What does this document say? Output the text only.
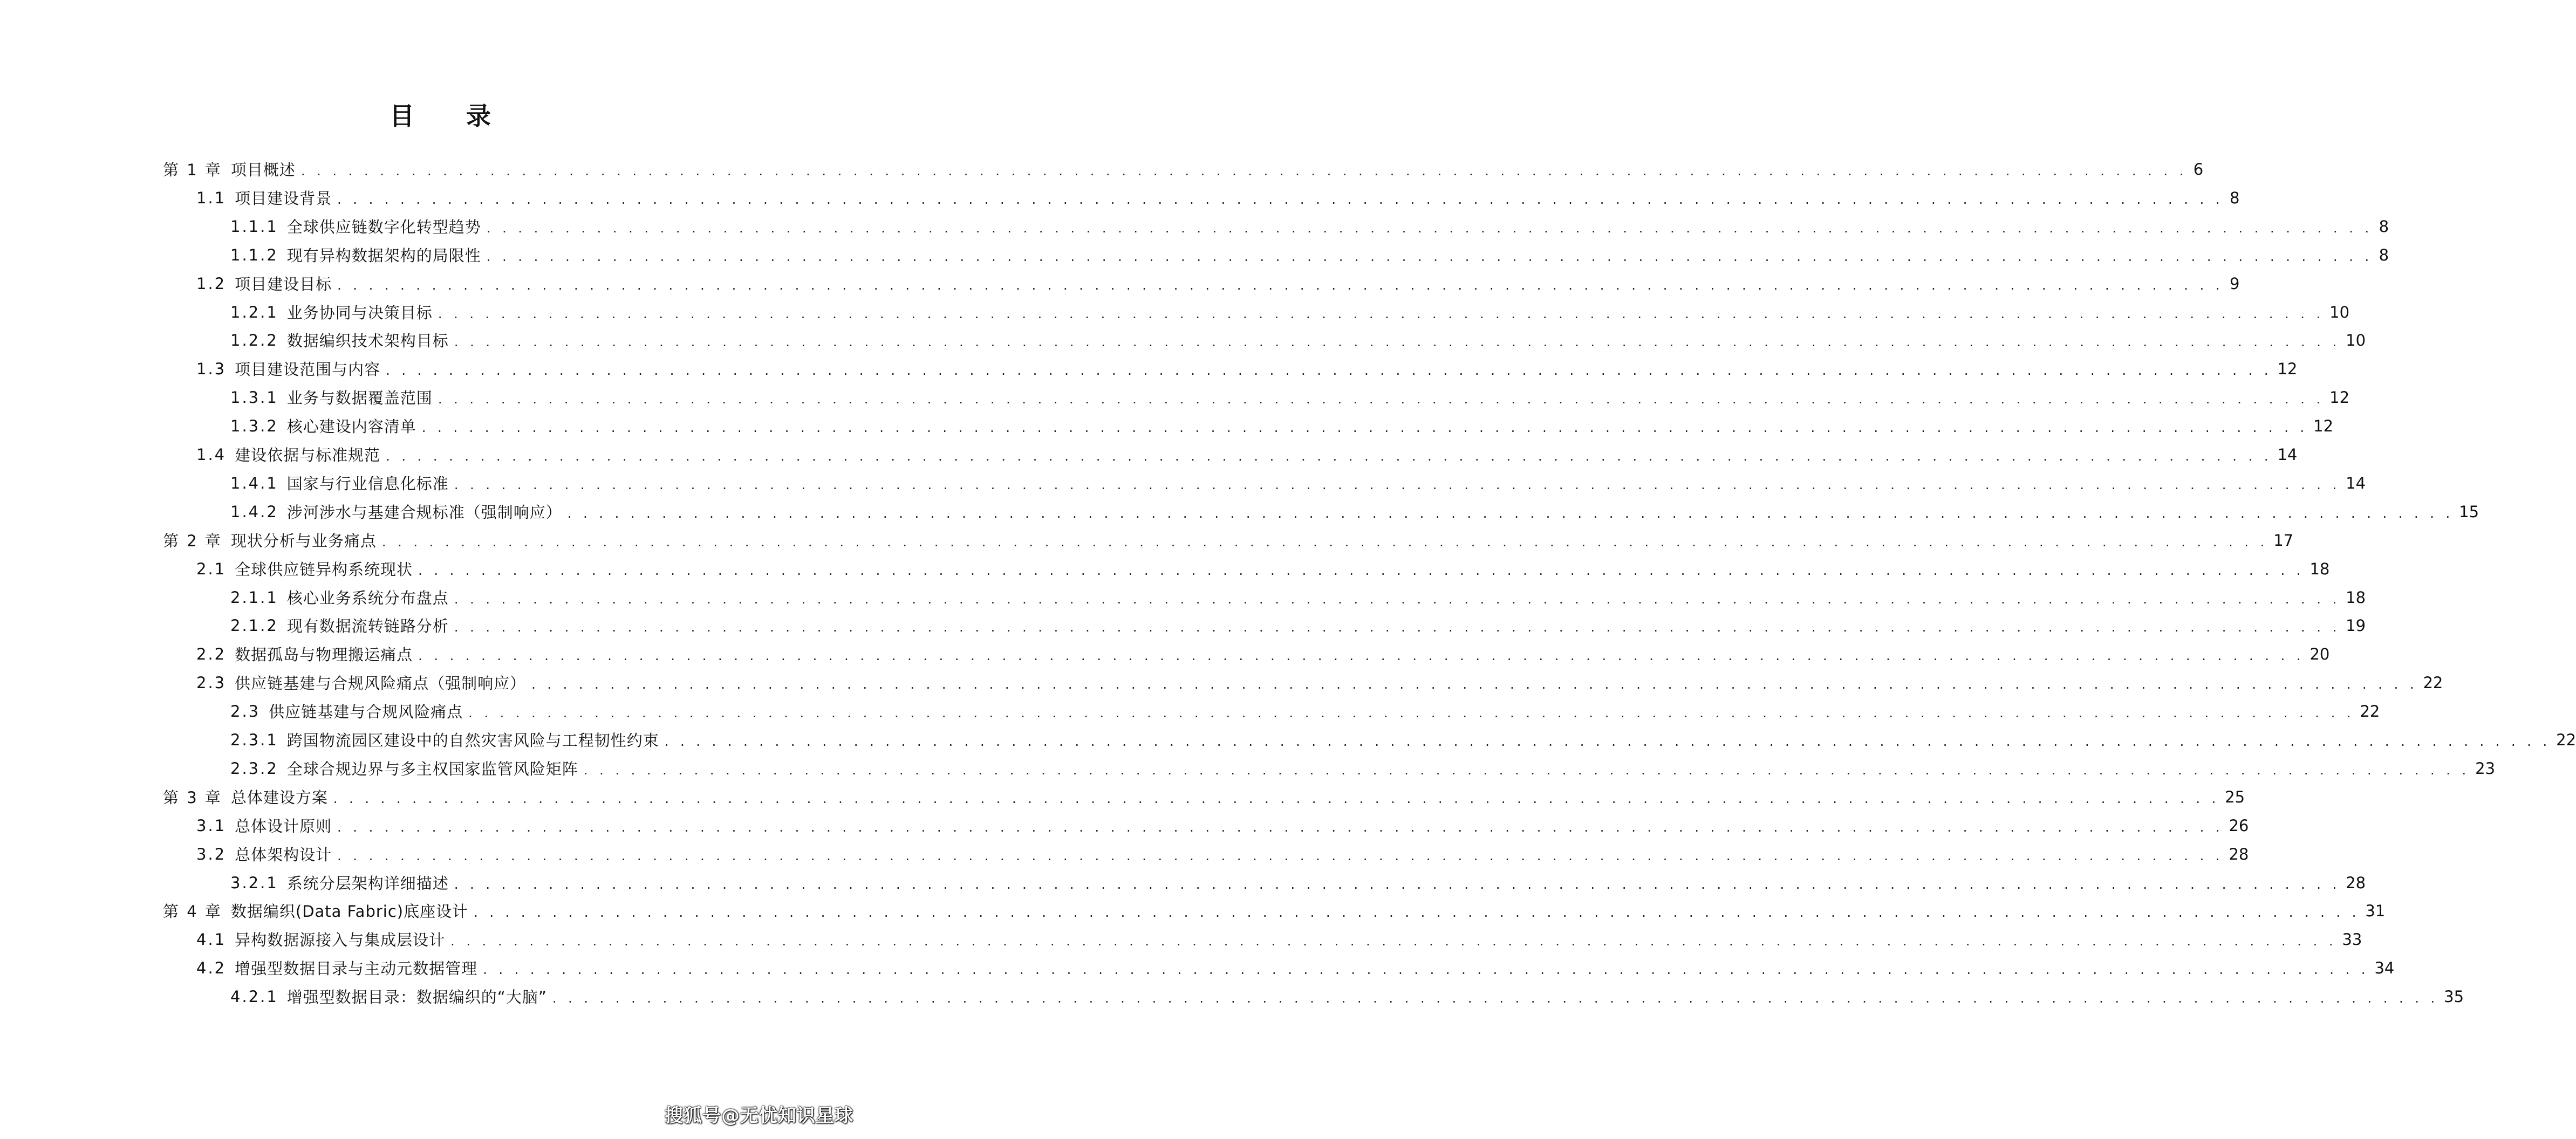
目 录
第 1 章 项目概述 . . . . . . . . . . . . . . . . . . . . . . . . . . . . . . . . . . . . . . . . . . . . . . . . . . . . . . . . . . . . . . . . . . . . . . . . . . . . . . . . . . . . . . . . . . . . . . . . . . . . . . . . . . . . . . . . . . . . . . . . 6
1.1 项目建设背景 . . . . . . . . . . . . . . . . . . . . . . . . . . . . . . . . . . . . . . . . . . . . . . . . . . . . . . . . . . . . . . . . . . . . . . . . . . . . . . . . . . . . . . . . . . . . . . . . . . . . . . . . . . . . . . . . . . . . . . . . 8
1.1.1 全球供应链数字化转型趋势 . . . . . . . . . . . . . . . . . . . . . . . . . . . . . . . . . . . . . . . . . . . . . . . . . . . . . . . . . . . . . . . . . . . . . . . . . . . . . . . . . . . . . . . . . . . . . . . . . . . . . . . . . . . . . . . . . . . . . . . . 8
1.1.2 现有异构数据架构的局限性 . . . . . . . . . . . . . . . . . . . . . . . . . . . . . . . . . . . . . . . . . . . . . . . . . . . . . . . . . . . . . . . . . . . . . . . . . . . . . . . . . . . . . . . . . . . . . . . . . . . . . . . . . . . . . . . . . . . . . . . . 8
1.2 项目建设目标 . . . . . . . . . . . . . . . . . . . . . . . . . . . . . . . . . . . . . . . . . . . . . . . . . . . . . . . . . . . . . . . . . . . . . . . . . . . . . . . . . . . . . . . . . . . . . . . . . . . . . . . . . . . . . . . . . . . . . . . . 9
1.2.1 业务协同与决策目标 . . . . . . . . . . . . . . . . . . . . . . . . . . . . . . . . . . . . . . . . . . . . . . . . . . . . . . . . . . . . . . . . . . . . . . . . . . . . . . . . . . . . . . . . . . . . . . . . . . . . . . . . . . . . . . . . . . . . . . . . 10
1.2.2 数据编织技术架构目标 . . . . . . . . . . . . . . . . . . . . . . . . . . . . . . . . . . . . . . . . . . . . . . . . . . . . . . . . . . . . . . . . . . . . . . . . . . . . . . . . . . . . . . . . . . . . . . . . . . . . . . . . . . . . . . . . . . . . . . . . 10
1.3 项目建设范围与内容 . . . . . . . . . . . . . . . . . . . . . . . . . . . . . . . . . . . . . . . . . . . . . . . . . . . . . . . . . . . . . . . . . . . . . . . . . . . . . . . . . . . . . . . . . . . . . . . . . . . . . . . . . . . . . . . . . . . . . . . . 12
1.3.1 业务与数据覆盖范围 . . . . . . . . . . . . . . . . . . . . . . . . . . . . . . . . . . . . . . . . . . . . . . . . . . . . . . . . . . . . . . . . . . . . . . . . . . . . . . . . . . . . . . . . . . . . . . . . . . . . . . . . . . . . . . . . . . . . . . . . 12
1.3.2 核心建设内容清单 . . . . . . . . . . . . . . . . . . . . . . . . . . . . . . . . . . . . . . . . . . . . . . . . . . . . . . . . . . . . . . . . . . . . . . . . . . . . . . . . . . . . . . . . . . . . . . . . . . . . . . . . . . . . . . . . . . . . . . . . 12
1.4 建设依据与标准规范 . . . . . . . . . . . . . . . . . . . . . . . . . . . . . . . . . . . . . . . . . . . . . . . . . . . . . . . . . . . . . . . . . . . . . . . . . . . . . . . . . . . . . . . . . . . . . . . . . . . . . . . . . . . . . . . . . . . . . . . . 14
1.4.1 国家与行业信息化标准 . . . . . . . . . . . . . . . . . . . . . . . . . . . . . . . . . . . . . . . . . . . . . . . . . . . . . . . . . . . . . . . . . . . . . . . . . . . . . . . . . . . . . . . . . . . . . . . . . . . . . . . . . . . . . . . . . . . . . . . . 14
1.4.2 涉河涉水与基建合规标准（强制响应） . . . . . . . . . . . . . . . . . . . . . . . . . . . . . . . . . . . . . . . . . . . . . . . . . . . . . . . . . . . . . . . . . . . . . . . . . . . . . . . . . . . . . . . . . . . . . . . . . . . . . . . . . . . . . . . . . . . . . . . . 15
第 2 章 现状分析与业务痛点 . . . . . . . . . . . . . . . . . . . . . . . . . . . . . . . . . . . . . . . . . . . . . . . . . . . . . . . . . . . . . . . . . . . . . . . . . . . . . . . . . . . . . . . . . . . . . . . . . . . . . . . . . . . . . . . . . . . . . . . . 17
2.1 全球供应链异构系统现状 . . . . . . . . . . . . . . . . . . . . . . . . . . . . . . . . . . . . . . . . . . . . . . . . . . . . . . . . . . . . . . . . . . . . . . . . . . . . . . . . . . . . . . . . . . . . . . . . . . . . . . . . . . . . . . . . . . . . . . . . 18
2.1.1 核心业务系统分布盘点 . . . . . . . . . . . . . . . . . . . . . . . . . . . . . . . . . . . . . . . . . . . . . . . . . . . . . . . . . . . . . . . . . . . . . . . . . . . . . . . . . . . . . . . . . . . . . . . . . . . . . . . . . . . . . . . . . . . . . . . . 18
2.1.2 现有数据流转链路分析 . . . . . . . . . . . . . . . . . . . . . . . . . . . . . . . . . . . . . . . . . . . . . . . . . . . . . . . . . . . . . . . . . . . . . . . . . . . . . . . . . . . . . . . . . . . . . . . . . . . . . . . . . . . . . . . . . . . . . . . . 19
2.2 数据孤岛与物理搬运痛点 . . . . . . . . . . . . . . . . . . . . . . . . . . . . . . . . . . . . . . . . . . . . . . . . . . . . . . . . . . . . . . . . . . . . . . . . . . . . . . . . . . . . . . . . . . . . . . . . . . . . . . . . . . . . . . . . . . . . . . . . 20
2.3 供应链基建与合规风险痛点（强制响应） . . . . . . . . . . . . . . . . . . . . . . . . . . . . . . . . . . . . . . . . . . . . . . . . . . . . . . . . . . . . . . . . . . . . . . . . . . . . . . . . . . . . . . . . . . . . . . . . . . . . . . . . . . . . . . . . . . . . . . . . 22
2.3 供应链基建与合规风险痛点 . . . . . . . . . . . . . . . . . . . . . . . . . . . . . . . . . . . . . . . . . . . . . . . . . . . . . . . . . . . . . . . . . . . . . . . . . . . . . . . . . . . . . . . . . . . . . . . . . . . . . . . . . . . . . . . . . . . . . . . . 22
2.3.1 跨国物流园区建设中的自然灾害风险与工程韧性约束 . . . . . . . . . . . . . . . . . . . . . . . . . . . . . . . . . . . . . . . . . . . . . . . . . . . . . . . . . . . . . . . . . . . . . . . . . . . . . . . . . . . . . . . . . . . . . . . . . . . . . . . . . . . . . . . . . . . . . . . . 22
2.3.2 全球合规边界与多主权国家监管风险矩阵 . . . . . . . . . . . . . . . . . . . . . . . . . . . . . . . . . . . . . . . . . . . . . . . . . . . . . . . . . . . . . . . . . . . . . . . . . . . . . . . . . . . . . . . . . . . . . . . . . . . . . . . . . . . . . . . . . . . . . . . . 23
第 3 章 总体建设方案 . . . . . . . . . . . . . . . . . . . . . . . . . . . . . . . . . . . . . . . . . . . . . . . . . . . . . . . . . . . . . . . . . . . . . . . . . . . . . . . . . . . . . . . . . . . . . . . . . . . . . . . . . . . . . . . . . . . . . . . . 25
3.1 总体设计原则 . . . . . . . . . . . . . . . . . . . . . . . . . . . . . . . . . . . . . . . . . . . . . . . . . . . . . . . . . . . . . . . . . . . . . . . . . . . . . . . . . . . . . . . . . . . . . . . . . . . . . . . . . . . . . . . . . . . . . . . . 26
3.2 总体架构设计 . . . . . . . . . . . . . . . . . . . . . . . . . . . . . . . . . . . . . . . . . . . . . . . . . . . . . . . . . . . . . . . . . . . . . . . . . . . . . . . . . . . . . . . . . . . . . . . . . . . . . . . . . . . . . . . . . . . . . . . . 28
3.2.1 系统分层架构详细描述 . . . . . . . . . . . . . . . . . . . . . . . . . . . . . . . . . . . . . . . . . . . . . . . . . . . . . . . . . . . . . . . . . . . . . . . . . . . . . . . . . . . . . . . . . . . . . . . . . . . . . . . . . . . . . . . . . . . . . . . . 28
第 4 章 数据编织(Data Fabric)底座设计 . . . . . . . . . . . . . . . . . . . . . . . . . . . . . . . . . . . . . . . . . . . . . . . . . . . . . . . . . . . . . . . . . . . . . . . . . . . . . . . . . . . . . . . . . . . . . . . . . . . . . . . . . . . . . . . . . . . . . . . . 31
4.1 异构数据源接入与集成层设计 . . . . . . . . . . . . . . . . . . . . . . . . . . . . . . . . . . . . . . . . . . . . . . . . . . . . . . . . . . . . . . . . . . . . . . . . . . . . . . . . . . . . . . . . . . . . . . . . . . . . . . . . . . . . . . . . . . . . . . . . 33
4.2 增强型数据目录与主动元数据管理 . . . . . . . . . . . . . . . . . . . . . . . . . . . . . . . . . . . . . . . . . . . . . . . . . . . . . . . . . . . . . . . . . . . . . . . . . . . . . . . . . . . . . . . . . . . . . . . . . . . . . . . . . . . . . . . . . . . . . . . . 34
4.2.1 增强型数据目录：数据编织的“大脑” . . . . . . . . . . . . . . . . . . . . . . . . . . . . . . . . . . . . . . . . . . . . . . . . . . . . . . . . . . . . . . . . . . . . . . . . . . . . . . . . . . . . . . . . . . . . . . . . . . . . . . . . . . . . . . . . . . . . . . . . 35
搜狐号@无忧知识星球
